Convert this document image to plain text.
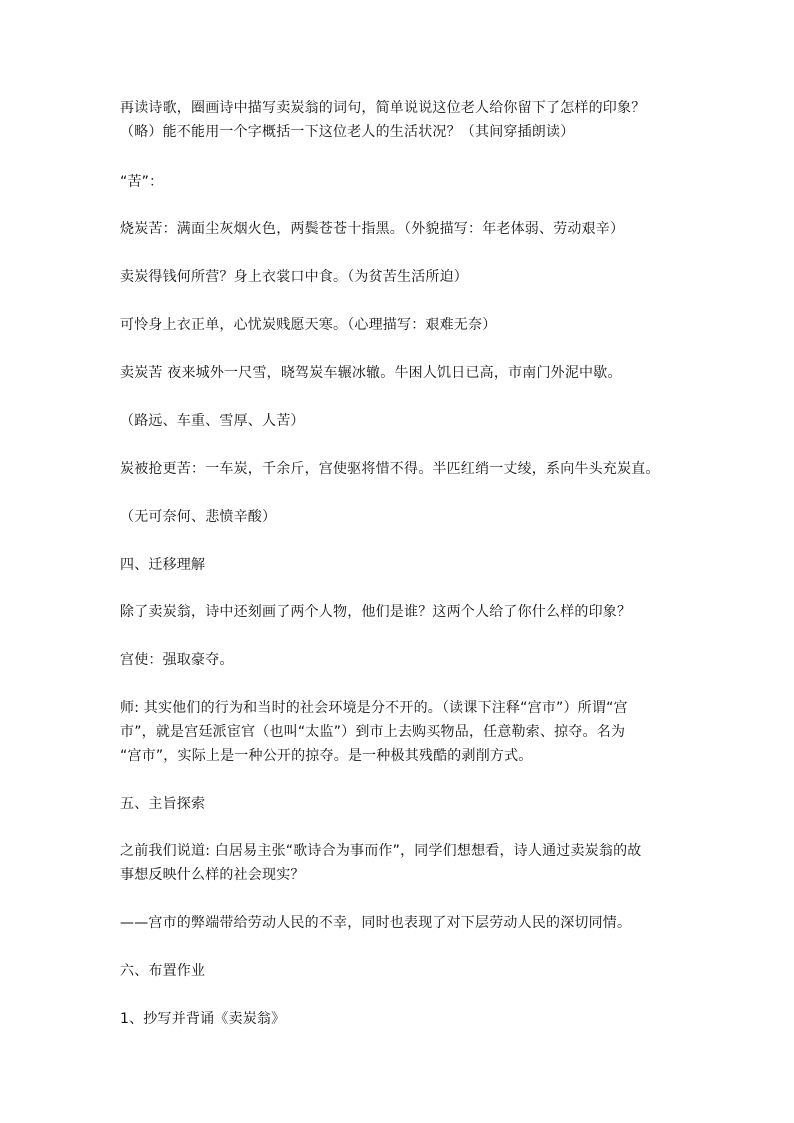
再读诗歌，圈画诗中描写卖炭翁的词句，简单说说这位老人给你留下了怎样的印象？
（略）能不能用一个字概括一下这位老人的生活状况？（其间穿插朗读）
“苦”：
烧炭苦：满面尘灰烟火色，两鬓苍苍十指黑。（外貌描写：年老体弱、劳动艰辛）
卖炭得钱何所营？身上衣裳口中食。（为贫苦生活所迫）
可怜身上衣正单，心忧炭贱愿天寒。（心理描写：艰难无奈）
卖炭苦 夜来城外一尺雪，晓驾炭车辗冰辙。牛困人饥日已高，市南门外泥中歇。
（路远、车重、雪厚、人苦）
炭被抢更苦：一车炭，千余斤，宫使驱将惜不得。半匹红绡一丈绫，系向牛头充炭直。
（无可奈何、悲愤辛酸）
四、迁移理解
除了卖炭翁，诗中还刻画了两个人物，他们是谁？这两个人给了你什么样的印象？
宫使：强取豪夺。
师: 其实他们的行为和当时的社会环境是分不开的。（读课下注释“宫市”）所谓“宫
市”，就是宫廷派宦官（也叫“太监”）到市上去购买物品，任意勒索、掠夺。名为
“宫市”，实际上是一种公开的掠夺。是一种极其残酷的剥削方式。
五、主旨探索
之前我们说道: 白居易主张“歌诗合为事而作”，同学们想想看，诗人通过卖炭翁的故
事想反映什么样的社会现实？
——宫市的弊端带给劳动人民的不幸，同时也表现了对下层劳动人民的深切同情。
六、布置作业
1、抄写并背诵《卖炭翁》
